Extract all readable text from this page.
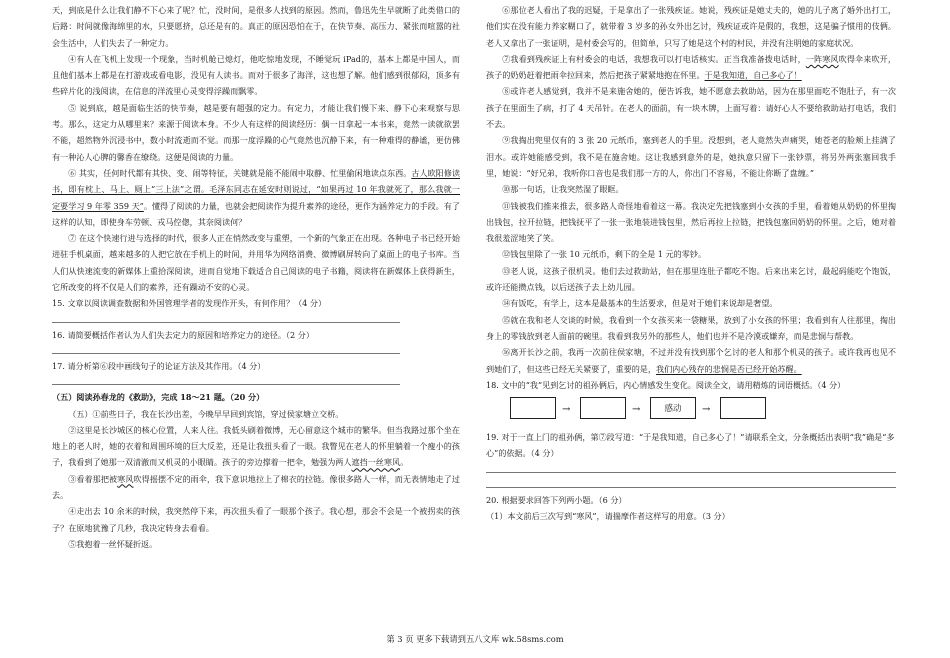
天，到底是什么让我们静不下心来了呢？忙，没时间，是很多人找到的原因。然而，鲁迅先生早就断了此类借口的后路：时间就像海绵里的水，只要愿挤，总还是有的。真正的原因恐怕在于，在快节奏、高压力、紧张而喧嚣的社会生活中，人们失去了一种定力。

④有人在飞机上发现一个现象，当时机舱已熄灯，他吃惊地发现，不睡觉玩 iPad的，基本上都是中国人，而且他们基本上都是在打游戏或看电影，没见有人读书。而对于很多了海洋，这也想了解。他们感到很郁闷，顶多有些碎片化的浅阅读，在信息的洋流里心灵变得浮躁而飘零。

⑤ 说到底，越是面临生活的快节奏，越是要有超强的定力。有定力，才能让我们慢下来、静下心来观察与思考。那么，这定力从哪里来？来源于阅读本身。不少人有这样的阅读经历：偶一日拿起一本书来，竟然一读就欲罢不能，超然物外沉浸书中，数小时流逝而不觉。而那一度浮躁的心气竟然也沉静下来，有一种难得的静谧，更仿佛有一种沁人心脾的馨香在缭绕。这便是阅读的力量。

⑥ 其实，任何时代都有其快、变、闹等特征，关键就是能不能闹中取静、忙里偷闲地读点东西。古人欧阳修读书，即有枕上、马上、厕上“三上法”之谓。毛泽东同志在延安时则说过，“如果再过 10 年我就死了，那么我就一定要学习 9 年零 359 天”。懂得了阅读的力量，也就会把阅读作为提升素养的途径，更作为涵养定力的手段。有了这样的认知，即使身车劳顿、戎马倥偬，其奈阅读何？

⑦ 在这个快速行进与选择的时代，很多人正在悄然改变与重塑，一个新的气象正在出现。各种电子书已经开始进驻手机桌面，越来越多的人把它放在手机上的时间，并用华为网络消费、微博刷屏转向了桌面上的电子书库。当人们从快速流变的新媒体上重拾深阅读，进而自觉地下载适合自己阅读的电子书籍，阅读将在新媒体上获得新生，它所改变的将不仅是人们的素养，还有躁动不安的心灵。

15. 文章以阅读调查数据和外国管理学者的发现作开头，有何作用？（4 分）

16. 请简要概括作者认为人们失去定力的原因和培养定力的途径。（2 分）

17. 请分析第⑥段中画线句子的论证方法及其作用。（4 分）

（五）阅读孙春龙的《救助》，完成 18～21 题。（20 分）

（五）①前些日子，我在长沙出差，今晚早早回到宾馆，穿过侯家塘立交桥。

②这里是长沙城区的核心位置，人来人往。我低头刷着微博，无心留意这个城市的繁华。但当我路过那个坐在地上的老人时，她的衣着和周围环境的巨大反差，还是让我扭头看了一眼。我瞥见在老人的怀里躺着一个瘦小的孩子，我看到了她那一双清澈而又机灵的小眼睛。孩子的旁边撑着一把伞，勉强为两人遮挡一丝寒风。

③看着那把被寒风吹得摇摆不定的雨伞，我下意识地拉上了棉衣的拉链。像很多路人一样，而无表情地走了过去。

④走出去 10 余米的时候，我突然停下来，再次扭头看了一眼那个孩子。我心想，那会不会是一个被拐卖的孩子？在原地犹豫了几秒，我决定转身去看看。

⑤我抱着一丝怀疑折返。

⑥那位老人看出了我的迟疑，于是拿出了一张残疾证。她说，残疾证是她丈夫的，她的儿子离了婚外出打工，他们实在没有能力养家糊口了，就带着 3 岁多的孙女外出乞讨，残疾证或许是假的，我想，这是骗子惯用的伎俩。老人又拿出了一张证明，是村委会写的，但简单，只写了她是这个村的村民，并没有注明她的家庭状况。

⑦我看到残疾证上有村委会的电话，我想我可以打电话核实。正当我准备拨电话时，一阵寒风吹得伞来吹开，孩子的奶奶赶着把雨伞拉回来，然后把孩子紧紧地抱在怀里。于是我知道，自己多心了！

⑧或许老人感觉到，我并不是来施舍她的，便告诉我，她不愿意去救助站，因为在那里面吃不饱肚子，有一次孩子在里面生了病，打了 4 天吊针。在老人的面前，有一块木牌，上面写着：请好心人不要给救助站打电话，我们不去。

⑨我掏出兜里仅有的 3 张 20 元纸币，塞到老人的手里。没想到，老人竟然失声痛哭，她苍老的脸颊上挂满了泪水。或许她能感受到，我不是在施舍她。这让我感到意外的是，她执意只留下一张钞票，将另外两张塞回我手里，她说：“好兄弟，我听你口音也是我们那一方的人，你出门不容易，不能让你断了盘缠。”

⑩那一句话，让我突然湿了眼眶。

⑪钱被我们推来推去，很多路人奇怪地看着这一幕。我决定先把钱塞到小女孩的手里，看着她从奶奶的怀里掏出钱包，拉开拉链，把钱抚平了一张一张地装进钱包里，然后再拉上拉链，把钱包塞回奶奶的怀里。之后，她对着我很羞涩地笑了笑。

⑫钱包里除了一张 10 元纸币，剩下的全是 1 元的零钞。

⑬老人说，这孩子很机灵。他们去过救助站，但在那里连肚子都吃不饱。后来出来乞讨，最起码能吃个饱饭，或许还能攒点钱，以后送孩子去上幼儿园。

⑭有饭吃，有学上，这本是最基本的生活要求，但是对于她们来说却是奢望。

⑮就在我和老人交谈的时候，我看到一个女孩买来一袋糖果，放到了小女孩的怀里；我看到有人往那里，掏出身上的零钱放到老人面前的碗里。我看到我另外的那些人，他们也并不是冷漠或嫌弃，而是悲悯与帮教。

⑯离开长沙之前，我再一次前往侯家塘，不过并没有找到那个乞讨的老人和那个机灵的孩子。或许我再也见不到她们了，但这些已经无关紧要了，重要的是，我们内心残存的悲悯是否已经开始苏醒。

18. 文中的“我”见到乞讨的祖孙俩后，内心情感发生变化。阅读全文，请用精炼的词语概括。（4 分）

→	→	感动	→

19. 对于一直上门的祖孙俩，第⑦段写道：“于是我知道，自己多心了！”请联系全文，分条概括出表明“我”确是“多心”的依据。（4 分）

20. 根据要求回答下列两小题。（6 分）

（1）本文前后三次写到“寒风”，请揣摩作者这样写的用意。（3 分）

第 3 页 更多下载请到五八文库 wk.58sms.com
